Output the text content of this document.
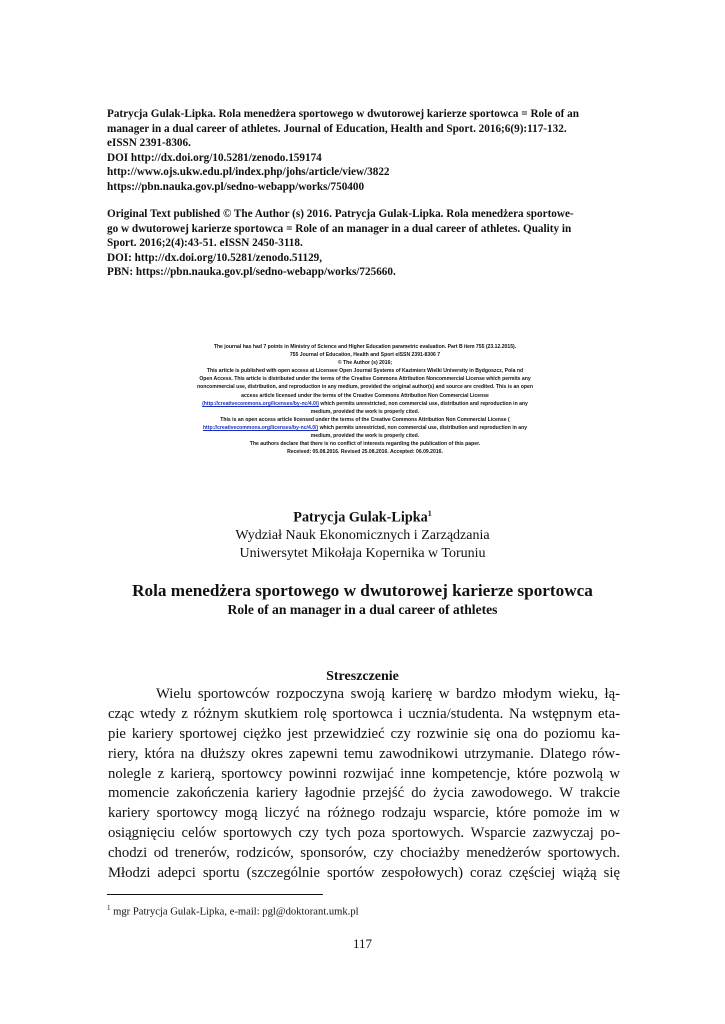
Patrycja Gulak-Lipka. Rola menedżera sportowego w dwutorowej karierze sportowca = Role of an
manager in a dual career of athletes. Journal of Education, Health and Sport. 2016;6(9):117-132.
eISSN 2391-8306.
DOI http://dx.doi.org/10.5281/zenodo.159174
http://www.ojs.ukw.edu.pl/index.php/johs/article/view/3822
https://pbn.nauka.gov.pl/sedno-webapp/works/750400
Original Text published © The Author (s) 2016. Patrycja Gulak-Lipka. Rola menedżera sportowe-
go w dwutorowej karierze sportowca = Role of an manager in a dual career of athletes. Quality in
Sport. 2016;2(4):43-51. eISSN 2450-3118.
DOI: http://dx.doi.org/10.5281/zenodo.51129,
PBN: https://pbn.nauka.gov.pl/sedno-webapp/works/725660.
The journal has had 7 points in Ministry of Science and Higher Education parametric evaluation. Part B item 755 (23.12.2015).
755 Journal of Education, Health and Sport eISSN 2391-8306 7
© The Author (s) 2016;
This article is published with open access at Licensee Open Journal Systems of Kazimierz Wielki University in Bydgoszcz, Pola nd
Open Access. This article is distributed under the terms of the Creative Commons Attribution Noncommercial License which permits any
noncommercial use, distribution, and reproduction in any medium, provided the original author(s) and source are credited. This is an open
access article licensed under the terms of the Creative Commons Attribution Non Commercial License
(http://creativecommons.org/licenses/by-nc/4.0/) which permits unrestricted, non commercial use, distribution and reproduction in any
medium, provided the work is properly cited.
This is an open access article licensed under the terms of the Creative Commons Attribution Non Commercial License (
http://creativecommons.org/licenses/by-nc/4.0/) which permits unrestricted, non commercial use, distribution and reproduction in any
medium, provided the work is properly cited.
The authors declare that there is no conflict of interests regarding the publication of this paper.
Received: 05.08.2016. Revised 25.08.2016. Accepted: 06.09.2016.
Patrycja Gulak-Lipka$^1$
Wydział Nauk Ekonomicznych i Zarządzania
Uniwersytet Mikołaja Kopernika w Toruniu
Rola menedżera sportowego w dwutorowej karierze sportowca
Role of an manager in a dual career of athletes
Streszczenie
Wielu sportowców rozpoczyna swoją karierę w bardzo młodym wieku, łą-
cząc wtedy z różnym skutkiem rolę sportowca i ucznia/studenta. Na wstępnym eta-
pie kariery sportowej ciężko jest przewidzieć czy rozwinie się ona do poziomu ka-
riery, która na dłuższy okres zapewni temu zawodnikowi utrzymanie. Dlatego rów-
nolegle z karierą, sportowcy powinni rozwijać inne kompetencje, które pozwolą w
momencie zakończenia kariery łagodnie przejść do życia zawodowego. W trakcie
kariery sportowcy mogą liczyć na różnego rodzaju wsparcie, które pomoże im w
osiągnięciu celów sportowych czy tych poza sportowych. Wsparcie zazwyczaj po-
chodzi od trenerów, rodziców, sponsorów, czy chociażby menedżerów sportowych.
Młodzi adepci sportu (szczególnie sportów zespołowych) coraz częściej wiążą się
$^1$ mgr Patrycja Gulak-Lipka, e-mail: pgl@doktorant.umk.pl
117
